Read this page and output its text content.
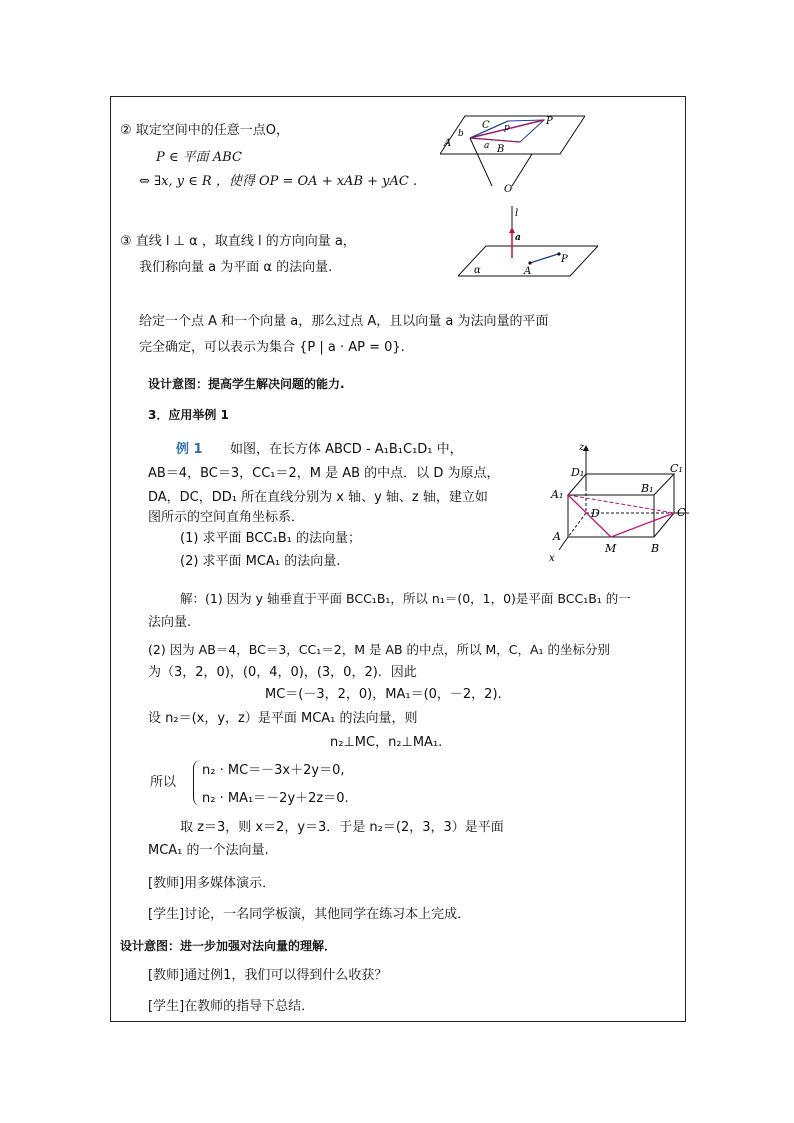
② 取定空间中的任意一点O，
P ∈ 平面 ABC
⇔ ∃x, y ∈ R ，使得 OP = OA + xAB + yAC .
A
C p
P
b
a B
O
③ 直线 l ⊥ α ，取直线 l 的方向向量 a，
我们称向量 a 为平面 α 的法向量.
l
a
A
P
α
给定一个点 A 和一个向量 a，那么过点 A，且以向量 a 为法向量的平面
完全确定，可以表示为集合 {P | a · AP = 0}.
设计意图：提高学生解决问题的能力.
3．应用举例 1
例 1 如图，在长方体 ABCD - A₁B₁C₁D₁ 中，
AB＝4，BC＝3，CC₁＝2，M 是 AB 的中点．以 D 为原点，
DA，DC，DD₁ 所在直线分别为 x 轴、y 轴、z 轴，建立如
图所示的空间直角坐标系．
(1) 求平面 BCC₁B₁ 的法向量；
(2) 求平面 MCA₁ 的法向量.
z
D₁	C₁
A₁	B₁
D	C
A
M	B
x
解：(1) 因为 y 轴垂直于平面 BCC₁B₁，所以 n₁＝(0，1，0)是平面 BCC₁B₁ 的一
法向量.
(2) 因为 AB＝4，BC＝3，CC₁＝2，M 是 AB 的中点，所以 M，C，A₁ 的坐标分别
为（3，2，0)，(0，4，0)，(3，0，2)．因此
MC＝(－3，2，0)，MA₁＝(0，－2，2).
设 n₂＝(x，y，z）是平面 MCA₁ 的法向量，则
n₂⊥MC，n₂⊥MA₁.
所以
n₂ · MC＝－3x＋2y＝0,
n₂ · MA₁＝－2y＋2z＝0.
取 z＝3，则 x＝2，y＝3．于是 n₂＝(2，3，3）是平面
MCA₁ 的一个法向量.
[教师]用多媒体演示．
[学生]讨论，一名同学板演，其他同学在练习本上完成．
设计意图：进一步加强对法向量的理解．
[教师]通过例1，我们可以得到什么收获？
[学生]在教师的指导下总结．
